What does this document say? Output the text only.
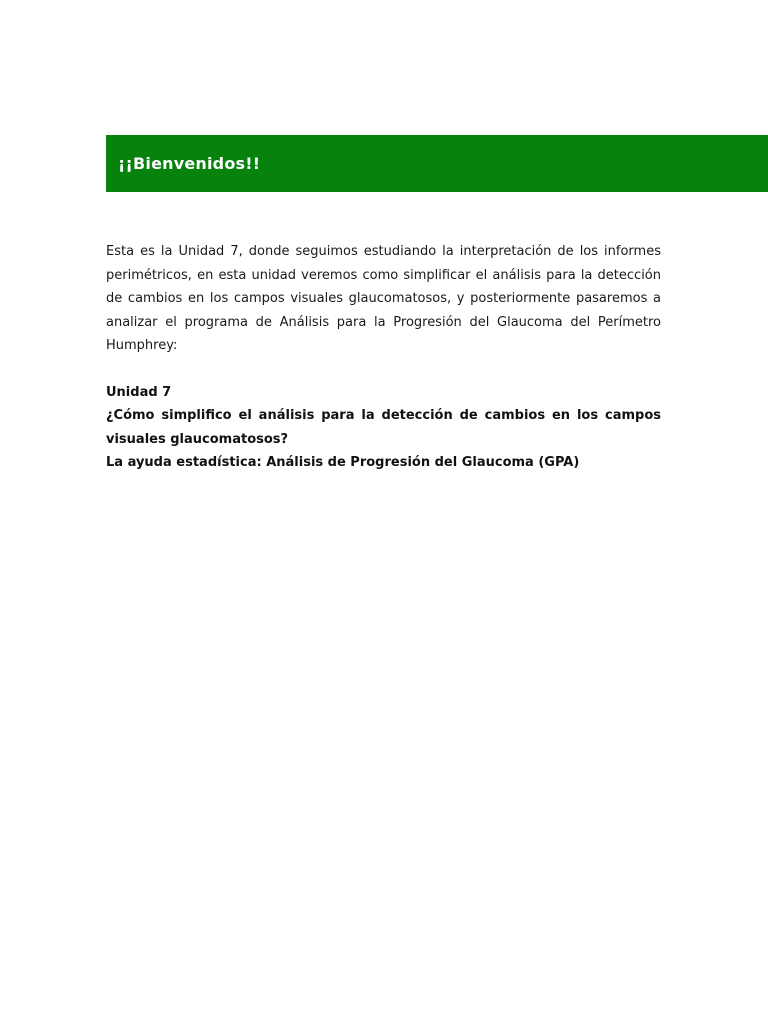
¡¡Bienvenidos!!

Esta es la Unidad 7, donde seguimos estudiando la interpretación de los informes perimétricos, en esta unidad veremos como simplificar el análisis para la detección de cambios en los campos visuales glaucomatosos, y posteriormente pasaremos a analizar el programa de Análisis para la Progresión del Glaucoma del Perímetro Humphrey:

Unidad 7
¿Cómo simplifico el análisis para la detección de cambios en los campos visuales glaucomatosos?
La ayuda estadística: Análisis de Progresión del Glaucoma (GPA)
